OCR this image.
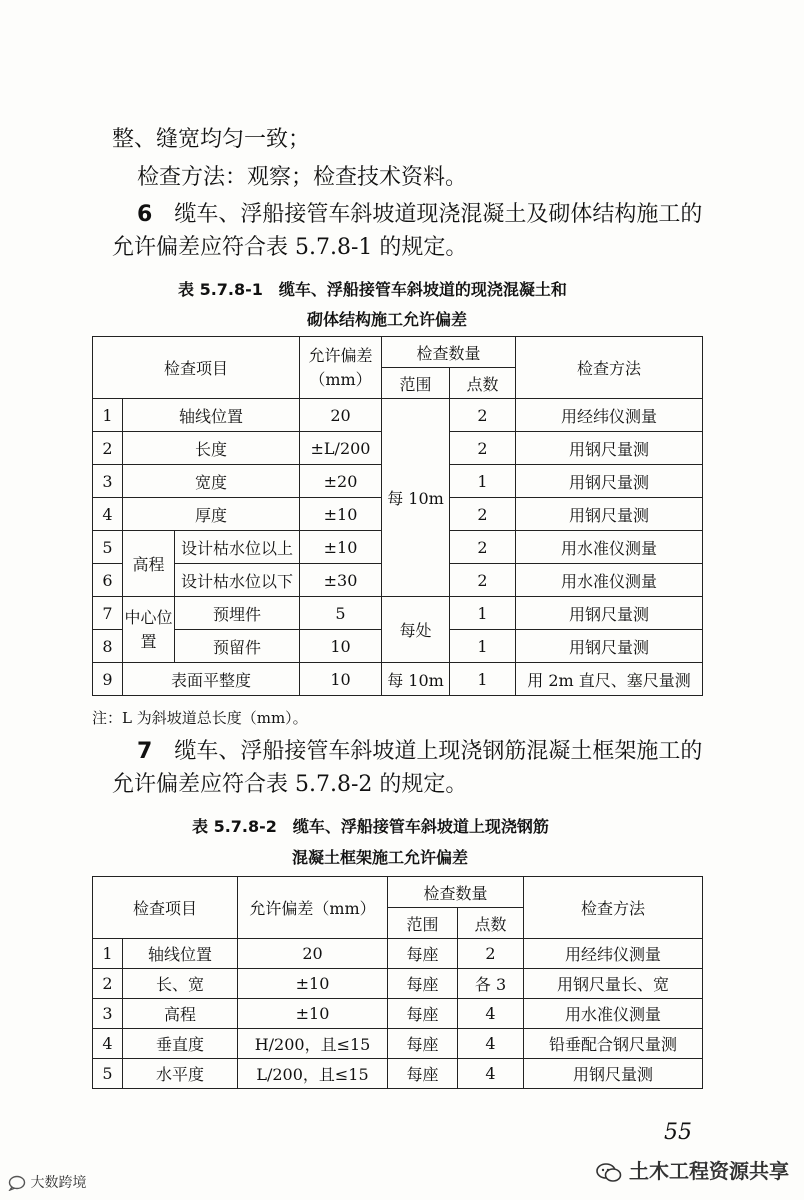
整、缝宽均匀一致；
检查方法：观察；检查技术资料。
6　 缆车、浮船接管车斜坡道现浇混凝土及砌体结构施工的
允许偏差应符合表 5.7.8-1 的规定。
表 5.7.8-1　缆车、浮船接管车斜坡道的现浇混凝土和
砌体结构施工允许偏差
检查项目			允许偏差（mm）	检查数量		检查方法
				范围	点数	
1	轴线位置		20	每 10m	2	用经纬仪测量
2	长度		±L/200		2	用钢尺量测
3	宽度		±20		1	用钢尺量测
4	厚度		±10		2	用钢尺量测
5	高程	设计枯水位以上	±10		2	用水准仪测量
6		设计枯水位以下	±30		2	用水准仪测量
7	中心位置	预埋件	5	每处	1	用钢尺量测
8		预留件	10		1	用钢尺量测
9	表面平整度		10	每 10m	1	用 2m 直尺、塞尺量测
注：L 为斜坡道总长度（mm）。
7　 缆车、浮船接管车斜坡道上现浇钢筋混凝土框架施工的
允许偏差应符合表 5.7.8-2 的规定。
表 5.7.8-2　缆车、浮船接管车斜坡道上现浇钢筋
混凝土框架施工允许偏差
检查项目		允许偏差（mm）	检查数量		检查方法
			范围	点数	
1	轴线位置	20	每座	2	用经纬仪测量
2	长、宽	±10	每座	各 3	用钢尺量长、宽
3	高程	±10	每座	4	用水准仪测量
4	垂直度	H/200，且≤15	每座	4	铅垂配合钢尺量测
5	水平度	L/200，且≤15	每座	4	用钢尺量测
55
大数跨境	土木工程资源共享
